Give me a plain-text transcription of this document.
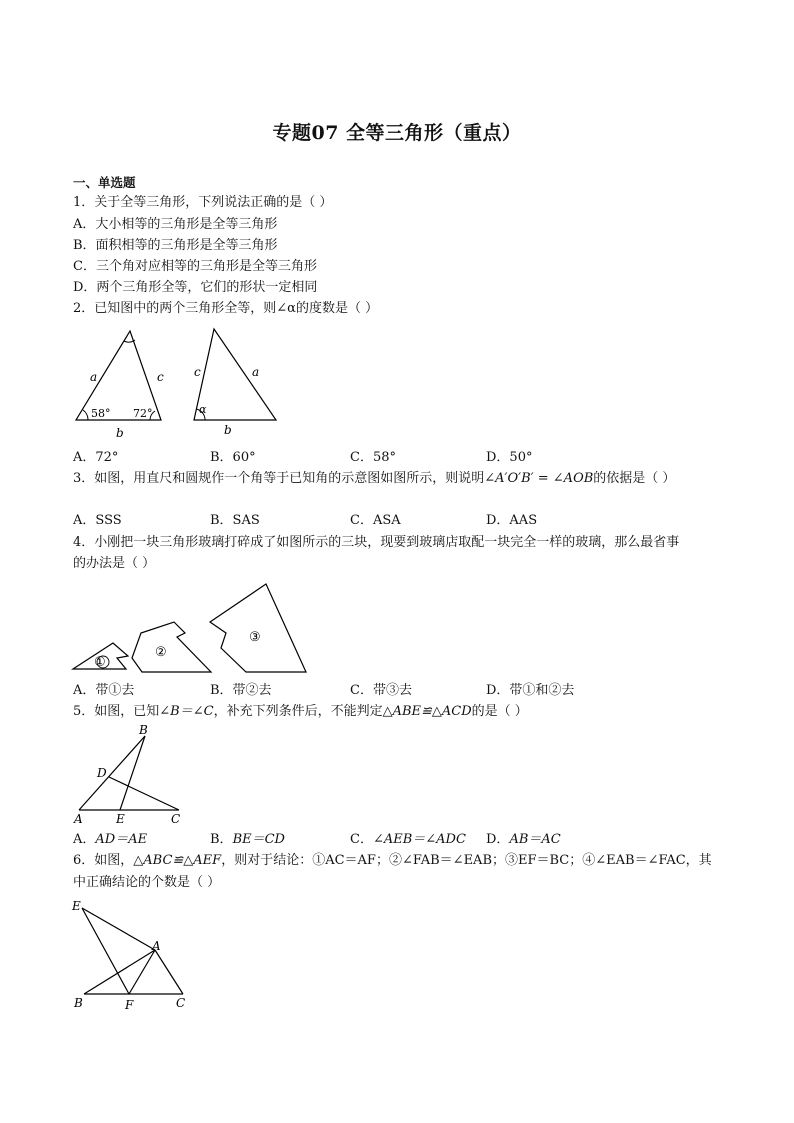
专题07 全等三角形（重点）
一、单选题
1．关于全等三角形，下列说法正确的是（ ）
A．大小相等的三角形是全等三角形
B．面积相等的三角形是全等三角形
C．三个角对应相等的三角形是全等三角形
D．两个三角形全等，它们的形状一定相同
2．已知图中的两个三角形全等，则∠α的度数是（ ）
a	c
b
58° 72°
c	a
b
α
A．72°	B．60°	C．58°	D．50°
3．如图，用直尺和圆规作一个角等于已知角的示意图如图所示，则说明∠A′O′B′ = ∠AOB的依据是（ ）
A．SSS	B．SAS	C．ASA	D．AAS
4．小刚把一块三角形玻璃打碎成了如图所示的三块，现要到玻璃店取配一块完全一样的玻璃，那么最省事
的办法是（ ）
①
②
③
A．带①去	B．带②去	C．带③去	D．带①和②去
5．如图，已知∠B＝∠C，补充下列条件后，不能判定△ABE≌△ACD的是（ ）
B
D
A	E	C
A．AD＝AE	B．BE＝CD	C．∠AEB＝∠ADC D．AB＝AC
6．如图，△ABC≌△AEF，则对于结论：①AC＝AF；②∠FAB＝∠EAB；③EF＝BC；④∠EAB＝∠FAC，其
中正确结论的个数是（ ）
E
A
B	F	C
